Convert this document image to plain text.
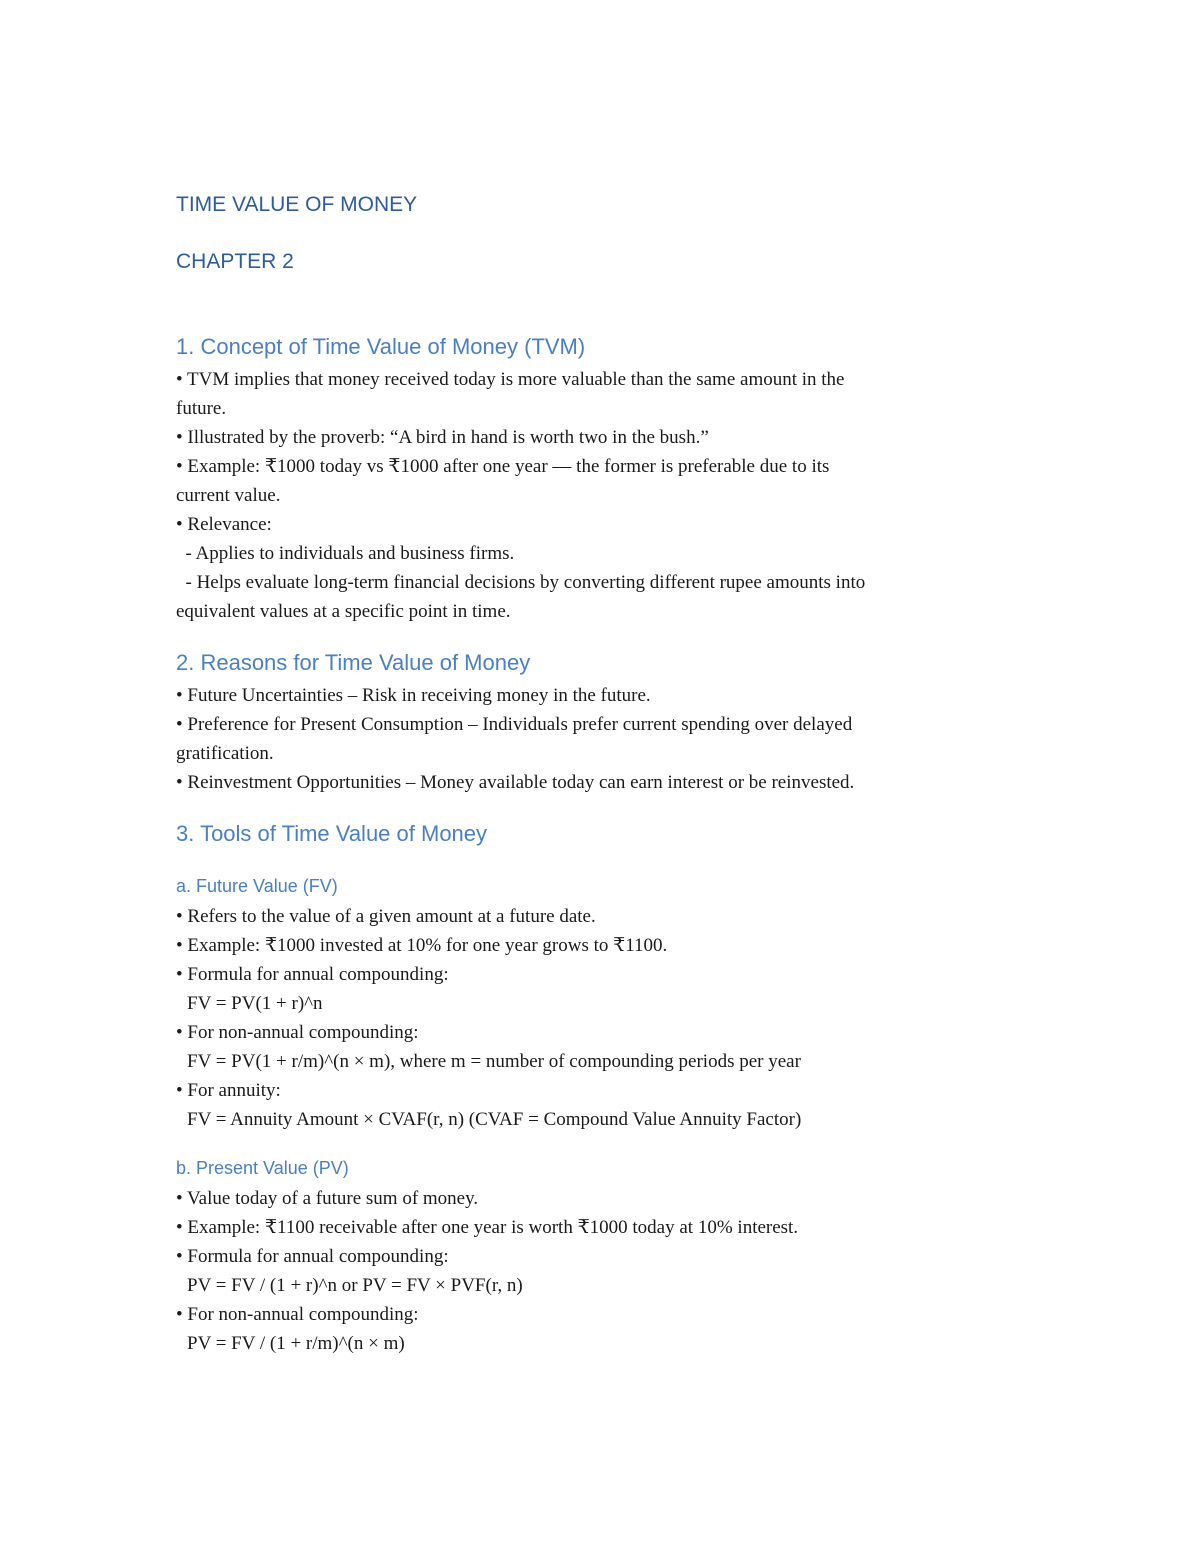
TIME VALUE OF MONEY
CHAPTER 2
1. Concept of Time Value of Money (TVM)
• TVM implies that money received today is more valuable than the same amount in the
future.
• Illustrated by the proverb: “A bird in hand is worth two in the bush.”
• Example: ₹1000 today vs ₹1000 after one year — the former is preferable due to its
current value.
• Relevance:
- Applies to individuals and business firms.
- Helps evaluate long-term financial decisions by converting different rupee amounts into
equivalent values at a specific point in time.
2. Reasons for Time Value of Money
• Future Uncertainties – Risk in receiving money in the future.
• Preference for Present Consumption – Individuals prefer current spending over delayed
gratification.
• Reinvestment Opportunities – Money available today can earn interest or be reinvested.
3. Tools of Time Value of Money
a. Future Value (FV)
• Refers to the value of a given amount at a future date.
• Example: ₹1000 invested at 10% for one year grows to ₹1100.
• Formula for annual compounding:
FV = PV(1 + r)^n
• For non-annual compounding:
FV = PV(1 + r/m)^(n × m), where m = number of compounding periods per year
• For annuity:
FV = Annuity Amount × CVAF(r, n) (CVAF = Compound Value Annuity Factor)
b. Present Value (PV)
• Value today of a future sum of money.
• Example: ₹1100 receivable after one year is worth ₹1000 today at 10% interest.
• Formula for annual compounding:
PV = FV / (1 + r)^n or PV = FV × PVF(r, n)
• For non-annual compounding:
PV = FV / (1 + r/m)^(n × m)
